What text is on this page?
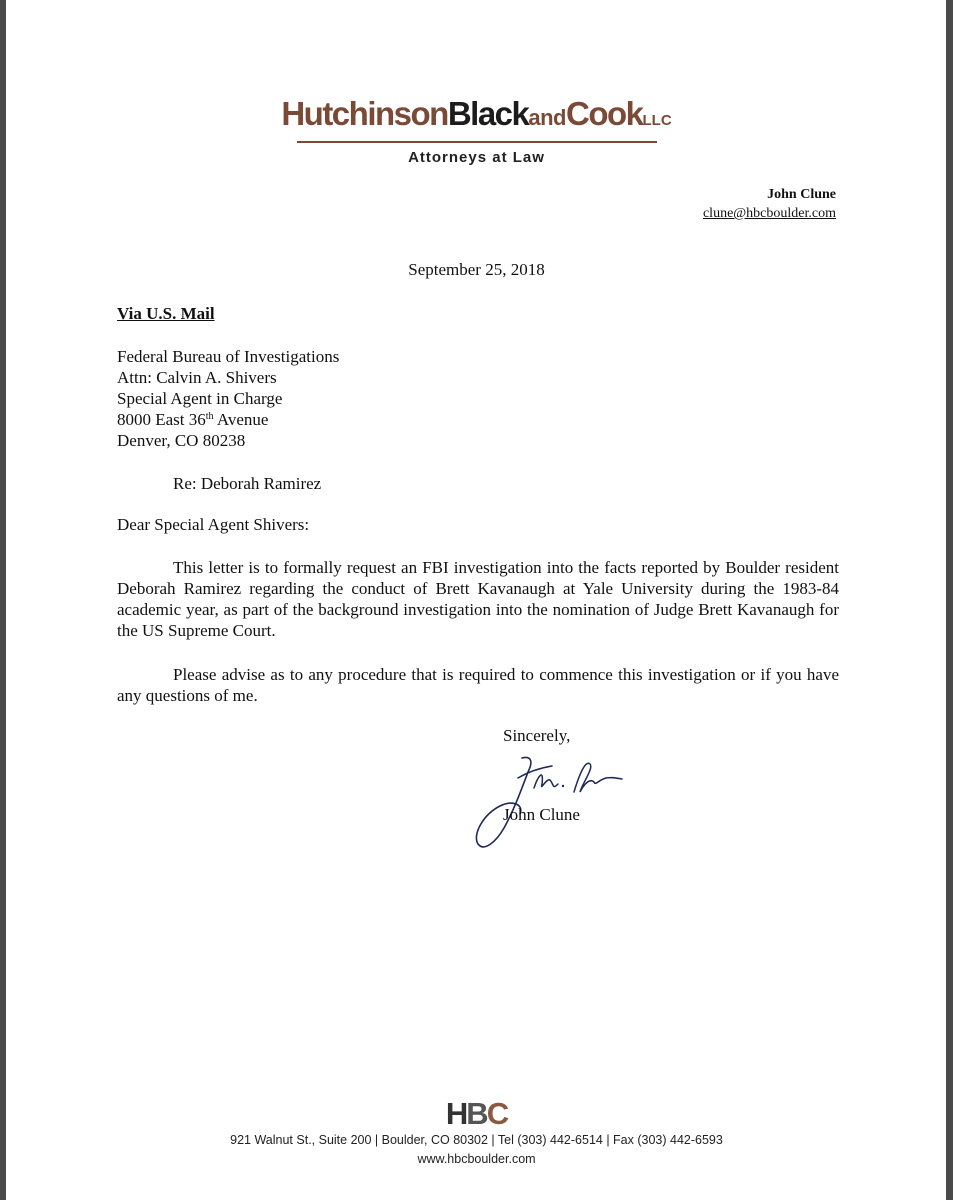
HutchinsonBlackandCookLLC
Attorneys at Law
John Clune
clune@hbcboulder.com
September 25, 2018
Via U.S. Mail
Federal Bureau of Investigations
Attn: Calvin A. Shivers
Special Agent in Charge
8000 East 36th Avenue
Denver, CO 80238
Re: Deborah Ramirez
Dear Special Agent Shivers:

This letter is to formally request an FBI investigation into the facts reported by Boulder resident Deborah Ramirez regarding the conduct of Brett Kavanaugh at Yale University during the 1983-84 academic year, as part of the background investigation into the nomination of Judge Brett Kavanaugh for the US Supreme Court.

Please advise as to any procedure that is required to commence this investigation or if you have any questions of me.

Sincerely,
John Clune
HBC
921 Walnut St., Suite 200 | Boulder, CO 80302 | Tel (303) 442-6514 | Fax (303) 442-6593
www.hbcboulder.com
